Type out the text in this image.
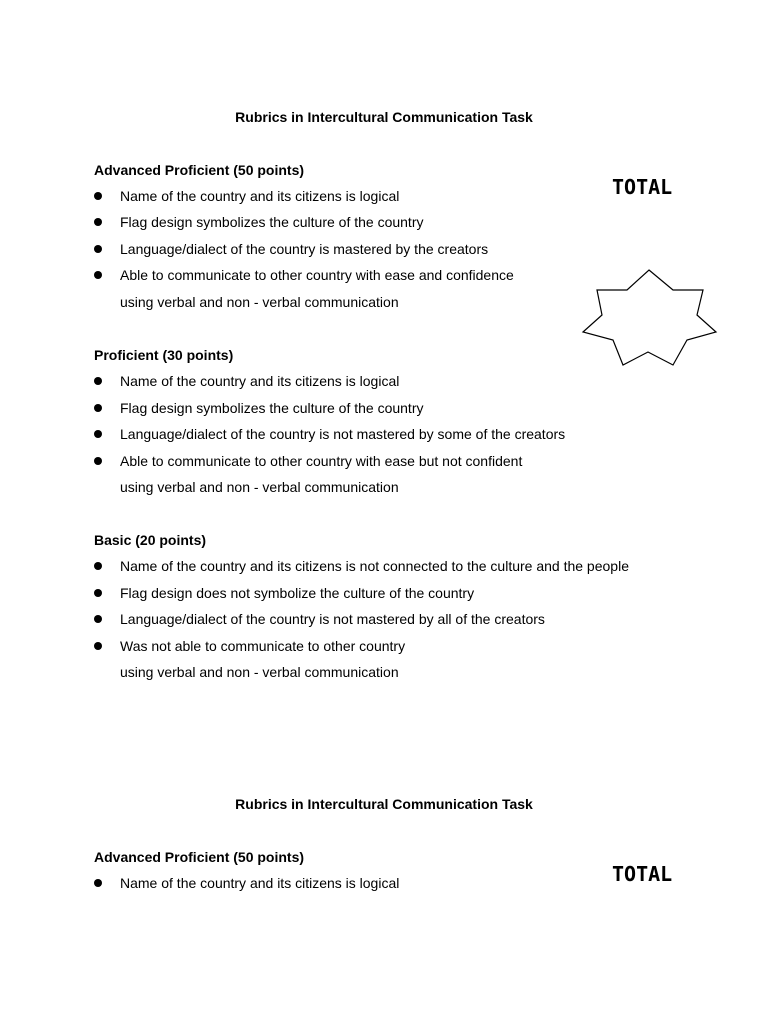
Rubrics in Intercultural Communication Task
TOTAL
Advanced Proficient (50 points)
Name of the country and its citizens is logical
Flag design symbolizes the culture of the country
Language/dialect of the country is mastered by the creators
Able to communicate to other country with ease and confidence
using verbal and non - verbal communication
Proficient (30 points)
Name of the country and its citizens is logical
Flag design symbolizes the culture of the country
Language/dialect of the country is not mastered by some of the creators
Able to communicate to other country with ease but not confident
using verbal and non - verbal communication
Basic (20 points)
Name of the country and its citizens is not connected to the culture and the people
Flag design does not symbolize the culture of the country
Language/dialect of the country is not mastered by all of the creators
Was not able to communicate to other country
using verbal and non - verbal communication
Rubrics in Intercultural Communication Task
TOTAL
Advanced Proficient (50 points)
Name of the country and its citizens is logical
